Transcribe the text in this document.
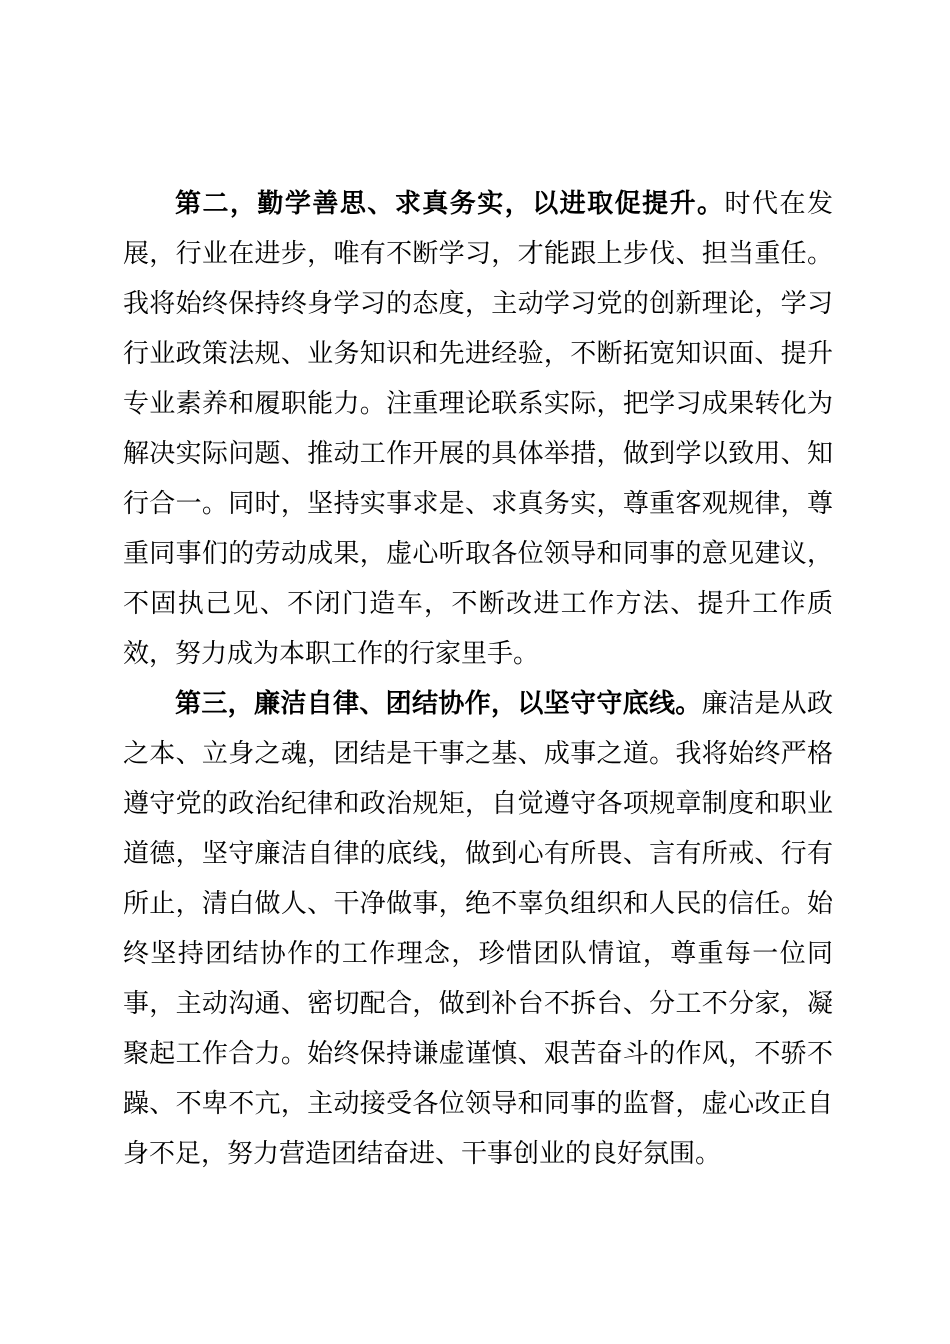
第二，勤学善思、求真务实，以进取促提升。时代在发
展，行业在进步，唯有不断学习，才能跟上步伐、担当重任。
我将始终保持终身学习的态度，主动学习党的创新理论，学习
行业政策法规、业务知识和先进经验，不断拓宽知识面、提升
专业素养和履职能力。注重理论联系实际，把学习成果转化为
解决实际问题、推动工作开展的具体举措，做到学以致用、知
行合一。同时，坚持实事求是、求真务实，尊重客观规律，尊
重同事们的劳动成果，虚心听取各位领导和同事的意见建议，
不固执己见、不闭门造车，不断改进工作方法、提升工作质
效，努力成为本职工作的行家里手。
第三，廉洁自律、团结协作，以坚守守底线。廉洁是从政
之本、立身之魂，团结是干事之基、成事之道。我将始终严格
遵守党的政治纪律和政治规矩，自觉遵守各项规章制度和职业
道德，坚守廉洁自律的底线，做到心有所畏、言有所戒、行有
所止，清白做人、干净做事，绝不辜负组织和人民的信任。始
终坚持团结协作的工作理念，珍惜团队情谊，尊重每一位同
事，主动沟通、密切配合，做到补台不拆台、分工不分家，凝
聚起工作合力。始终保持谦虚谨慎、艰苦奋斗的作风，不骄不
躁、不卑不亢，主动接受各位领导和同事的监督，虚心改正自
身不足，努力营造团结奋进、干事创业的良好氛围。
